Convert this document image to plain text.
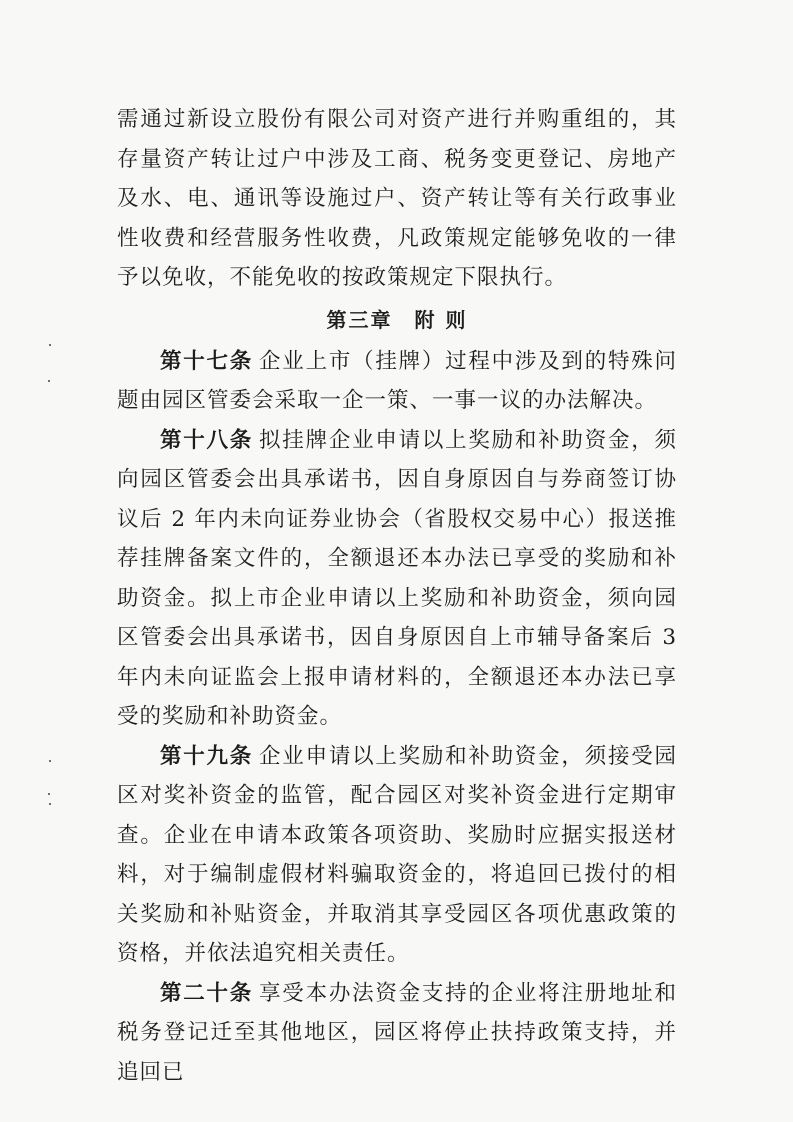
需通过新设立股份有限公司对资产进行并购重组的，其存量资产转让过户中涉及工商、税务变更登记、房地产及水、电、通讯等设施过户、资产转让等有关行政事业性收费和经营服务性收费，凡政策规定能够免收的一律予以免收，不能免收的按政策规定下限执行。

第三章　附 则

第十七条 企业上市（挂牌）过程中涉及到的特殊问题由园区管委会采取一企一策、一事一议的办法解决。

第十八条 拟挂牌企业申请以上奖励和补助资金，须向园区管委会出具承诺书，因自身原因自与券商签订协议后 2 年内未向证券业协会（省股权交易中心）报送推荐挂牌备案文件的，全额退还本办法已享受的奖励和补助资金。拟上市企业申请以上奖励和补助资金，须向园区管委会出具承诺书，因自身原因自上市辅导备案后 3 年内未向证监会上报申请材料的，全额退还本办法已享受的奖励和补助资金。

第十九条 企业申请以上奖励和补助资金，须接受园区对奖补资金的监管，配合园区对奖补资金进行定期审查。企业在申请本政策各项资助、奖励时应据实报送材料，对于编制虚假材料骗取资金的，将追回已拨付的相关奖励和补贴资金，并取消其享受园区各项优惠政策的资格，并依法追究相关责任。

第二十条 享受本办法资金支持的企业将注册地址和税务登记迁至其他地区，园区将停止扶持政策支持，并追回已
